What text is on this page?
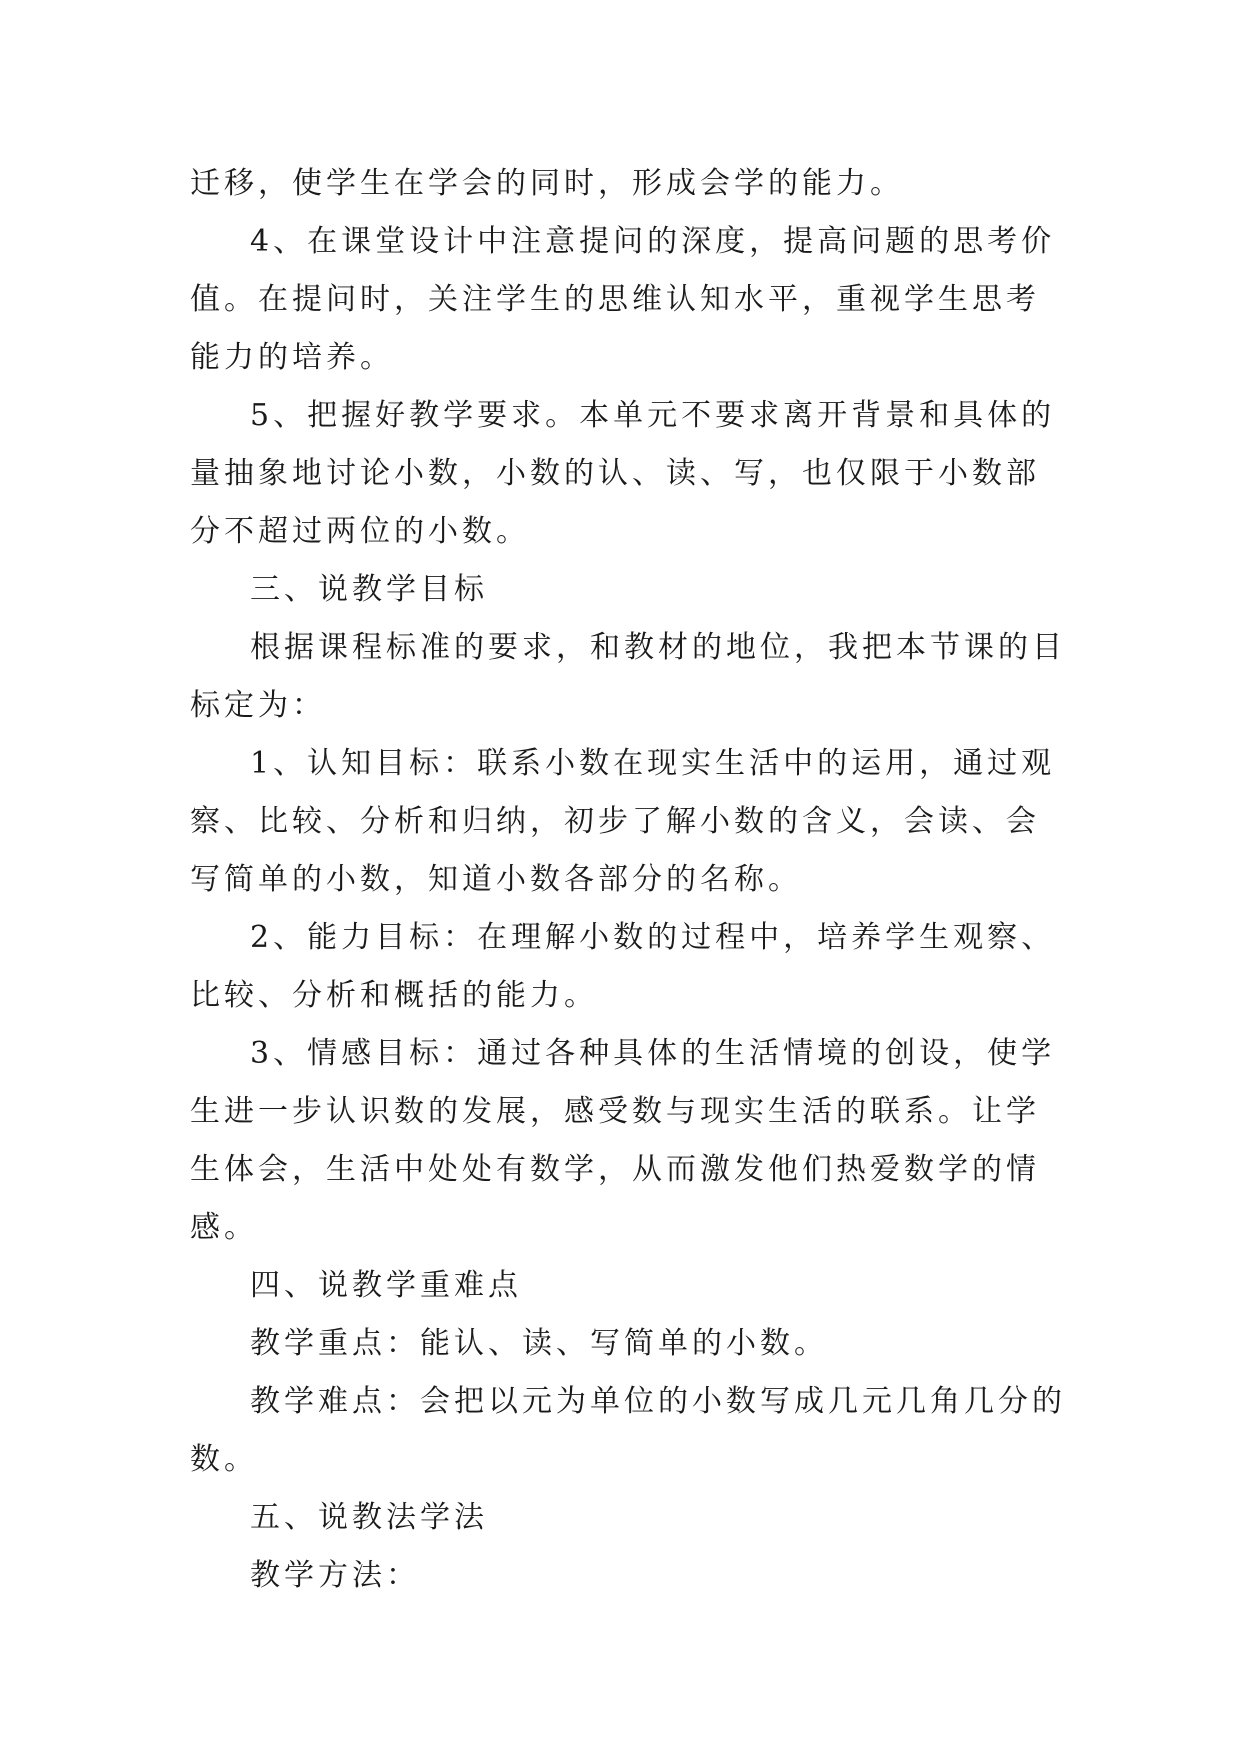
迁移，使学生在学会的同时，形成会学的能力。

4、在课堂设计中注意提问的深度，提高问题的思考价值。在提问时，关注学生的思维认知水平，重视学生思考能力的培养。

5、把握好教学要求。本单元不要求离开背景和具体的量抽象地讨论小数，小数的认、读、写，也仅限于小数部分不超过两位的小数。

三、说教学目标

根据课程标准的要求，和教材的地位，我把本节课的目标定为：

1、认知目标：联系小数在现实生活中的运用，通过观察、比较、分析和归纳，初步了解小数的含义，会读、会写简单的小数，知道小数各部分的名称。

2、能力目标：在理解小数的过程中，培养学生观察、比较、分析和概括的能力。

3、情感目标：通过各种具体的生活情境的创设，使学生进一步认识数的发展，感受数与现实生活的联系。让学生体会，生活中处处有数学，从而激发他们热爱数学的情感。

四、说教学重难点

教学重点：能认、读、写简单的小数。

教学难点：会把以元为单位的小数写成几元几角几分的数。

五、说教法学法

教学方法：
